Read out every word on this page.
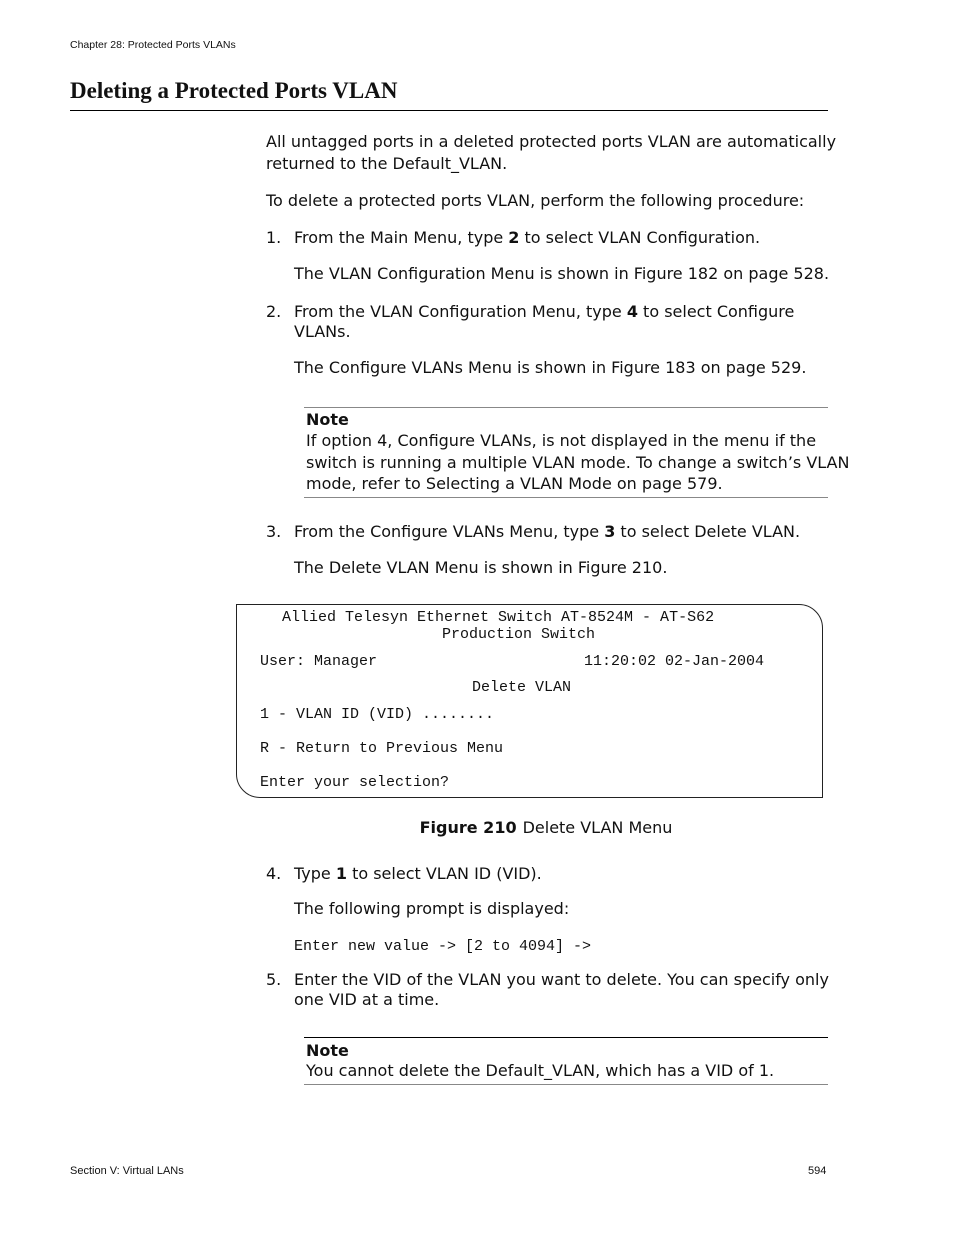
Chapter 28: Protected Ports VLANs
Deleting a Protected Ports VLAN
All untagged ports in a deleted protected ports VLAN are automatically
returned to the Default_VLAN.
To delete a protected ports VLAN, perform the following procedure:
1. From the Main Menu, type 2 to select VLAN Configuration.
The VLAN Configuration Menu is shown in Figure 182 on page 528.
2. From the VLAN Configuration Menu, type 4 to select Configure
VLANs.
The Configure VLANs Menu is shown in Figure 183 on page 529.
Note
If option 4, Configure VLANs, is not displayed in the menu if the
switch is running a multiple VLAN mode. To change a switch’s VLAN
mode, refer to Selecting a VLAN Mode on page 579.
3. From the Configure VLANs Menu, type 3 to select Delete VLAN.
The Delete VLAN Menu is shown in Figure 210.
Allied Telesyn Ethernet Switch AT-8524M - AT-S62
Production Switch
User: Manager	11:20:02 02-Jan-2004
Delete VLAN
1 - VLAN ID (VID) ........
R - Return to Previous Menu
Enter your selection?
Figure 210 Delete VLAN Menu
4. Type 1 to select VLAN ID (VID).
The following prompt is displayed:
Enter new value -> [2 to 4094] ->
5. Enter the VID of the VLAN you want to delete. You can specify only
one VID at a time.
Note
You cannot delete the Default_VLAN, which has a VID of 1.
Section V: Virtual LANs	594
